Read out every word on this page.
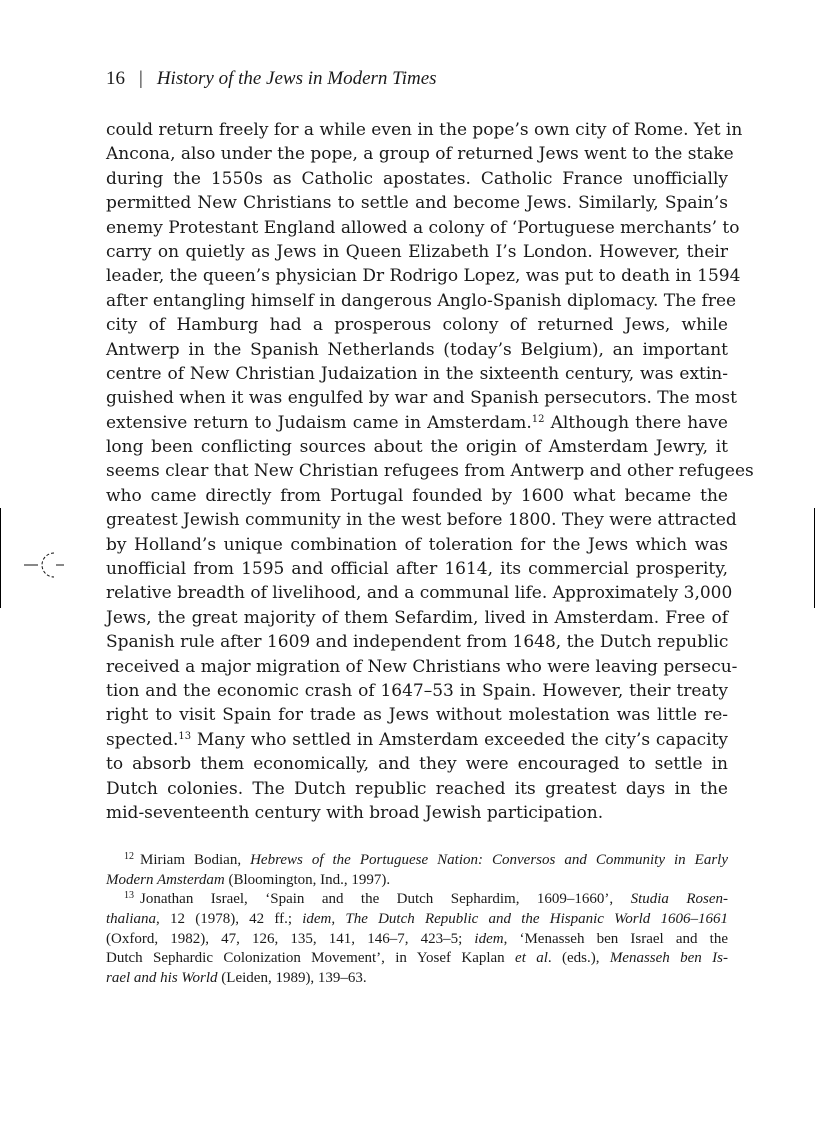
16 | History of the Jews in Modern Times
could return freely for a while even in the pope’s own city of Rome. Yet in
Ancona, also under the pope, a group of returned Jews went to the stake
during the 1550s as Catholic apostates. Catholic France unofficially
permitted New Christians to settle and become Jews. Similarly, Spain’s
enemy Protestant England allowed a colony of ‘Portuguese merchants’ to
carry on quietly as Jews in Queen Elizabeth I’s London. However, their
leader, the queen’s physician Dr Rodrigo Lopez, was put to death in 1594
after entangling himself in dangerous Anglo-Spanish diplomacy. The free
city of Hamburg had a prosperous colony of returned Jews, while
Antwerp in the Spanish Netherlands (today’s Belgium), an important
centre of New Christian Judaization in the sixteenth century, was extin-
guished when it was engulfed by war and Spanish persecutors. The most
extensive return to Judaism came in Amsterdam.$^{12}$ Although there have
long been conflicting sources about the origin of Amsterdam Jewry, it
seems clear that New Christian refugees from Antwerp and other refugees
who came directly from Portugal founded by 1600 what became the
greatest Jewish community in the west before 1800. They were attracted
by Holland’s unique combination of toleration for the Jews which was
unofficial from 1595 and official after 1614, its commercial prosperity,
relative breadth of livelihood, and a communal life. Approximately 3,000
Jews, the great majority of them Sefardim, lived in Amsterdam. Free of
Spanish rule after 1609 and independent from 1648, the Dutch republic
received a major migration of New Christians who were leaving persecu-
tion and the economic crash of 1647–53 in Spain. However, their treaty
right to visit Spain for trade as Jews without molestation was little re-
spected.$^{13}$ Many who settled in Amsterdam exceeded the city’s capacity
to absorb them economically, and they were encouraged to settle in
Dutch colonies. The Dutch republic reached its greatest days in the
mid-seventeenth century with broad Jewish participation.
$^{12}$ Miriam Bodian, Hebrews of the Portuguese Nation: Conversos and Community in Early
Modern Amsterdam (Bloomington, Ind., 1997).
$^{13}$ Jonathan Israel, ‘Spain and the Dutch Sephardim, 1609–1660’, Studia Rosen-
thaliana, 12 (1978), 42 ff.; idem, The Dutch Republic and the Hispanic World 1606–1661
(Oxford, 1982), 47, 126, 135, 141, 146–7, 423–5; idem, ‘Menasseh ben Israel and the
Dutch Sephardic Colonization Movement’, in Yosef Kaplan et al. (eds.), Menasseh ben Is-
rael and his World (Leiden, 1989), 139–63.
